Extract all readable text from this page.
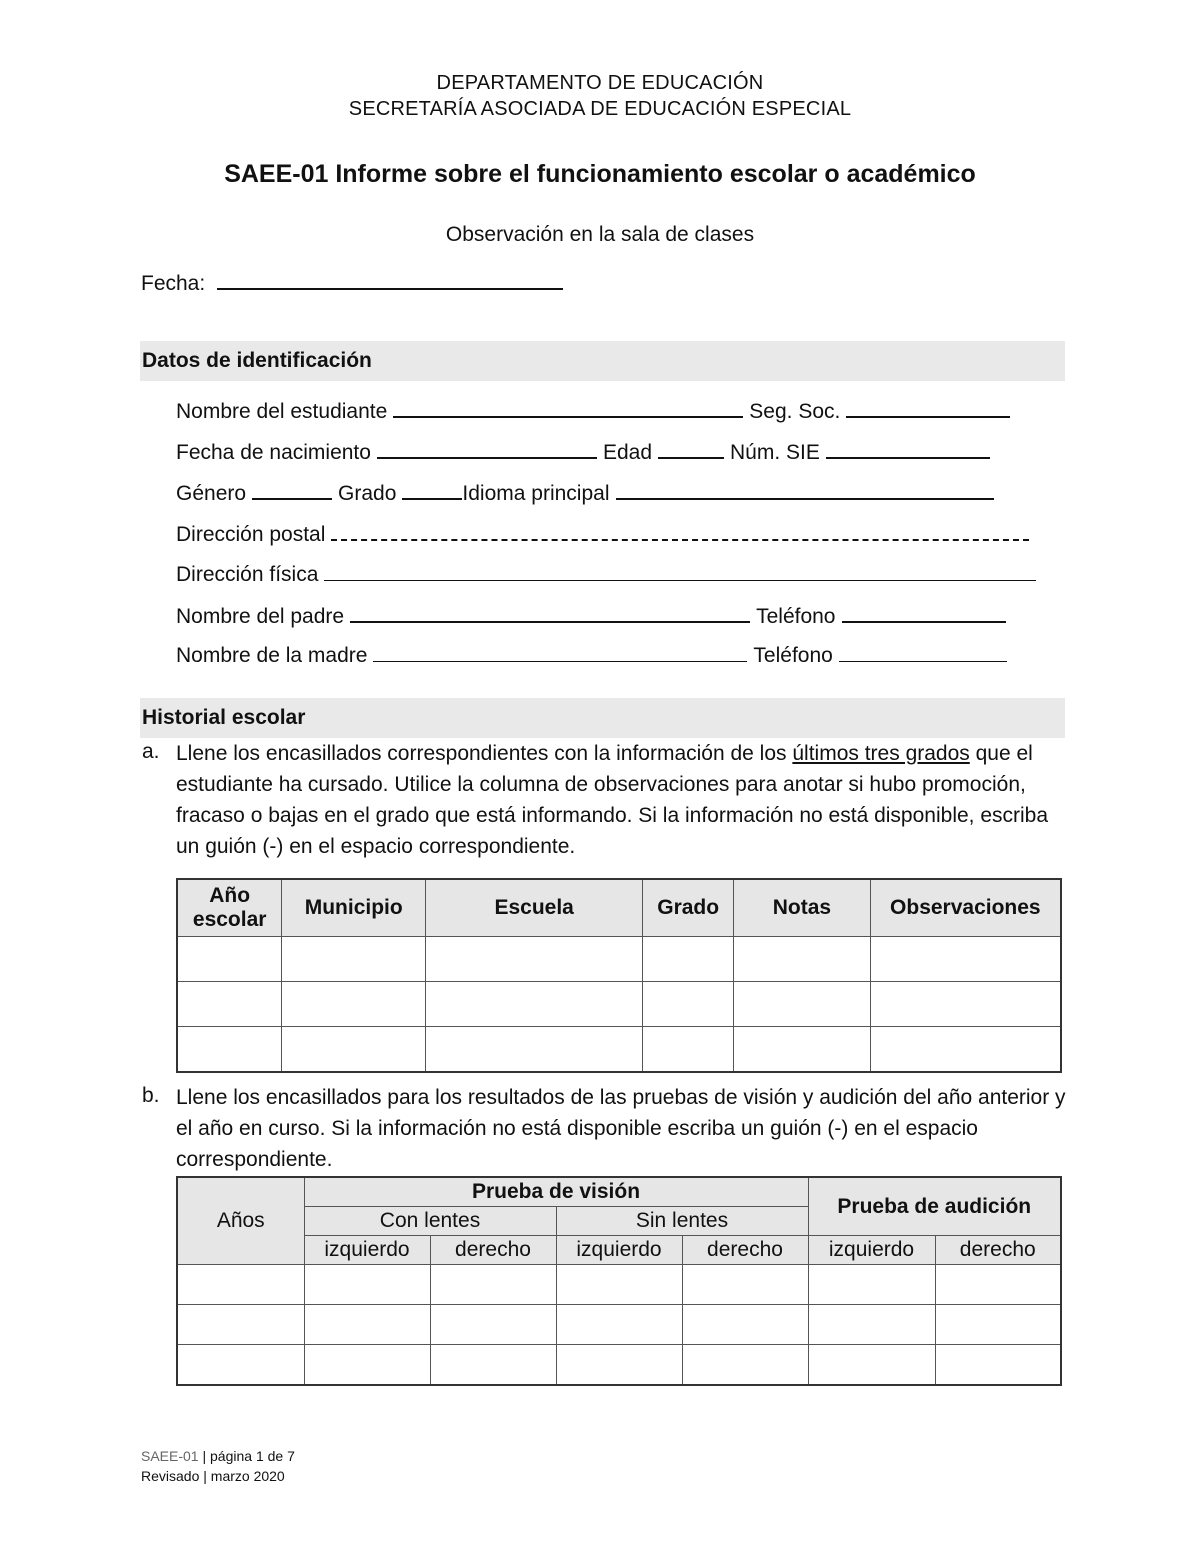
DEPARTAMENTO DE EDUCACIÓN
SECRETARÍA ASOCIADA DE EDUCACIÓN ESPECIAL
SAEE-01 Informe sobre el funcionamiento escolar o académico
Observación en la sala de clases
Fecha:
Datos de identificación
Nombre del estudiante	Seg. Soc.
Fecha de nacimiento	Edad	Núm. SIE
Género	Grado	Idioma principal
Dirección postal
Dirección física
Nombre del padre	Teléfono
Nombre de la madre	Teléfono
Historial escolar
a. Llene los encasillados correspondientes con la información de los últimos tres grados que el estudiante ha cursado. Utilice la columna de observaciones para anotar si hubo promoción, fracaso o bajas en el grado que está informando. Si la información no está disponible, escriba un guión (-) en el espacio correspondiente.
Año escolar	Municipio	Escuela	Grado	Notas	Observaciones

b. Llene los encasillados para los resultados de las pruebas de visión y audición del año anterior y el año en curso. Si la información no está disponible escriba un guión (-) en el espacio correspondiente.
Años	Prueba de visión				Prueba de audición	
	Con lentes		Sin lentes			
	izquierdo	derecho	izquierdo	derecho	izquierdo	derecho

SAEE-01 | página 1 de 7
Revisado | marzo 2020
